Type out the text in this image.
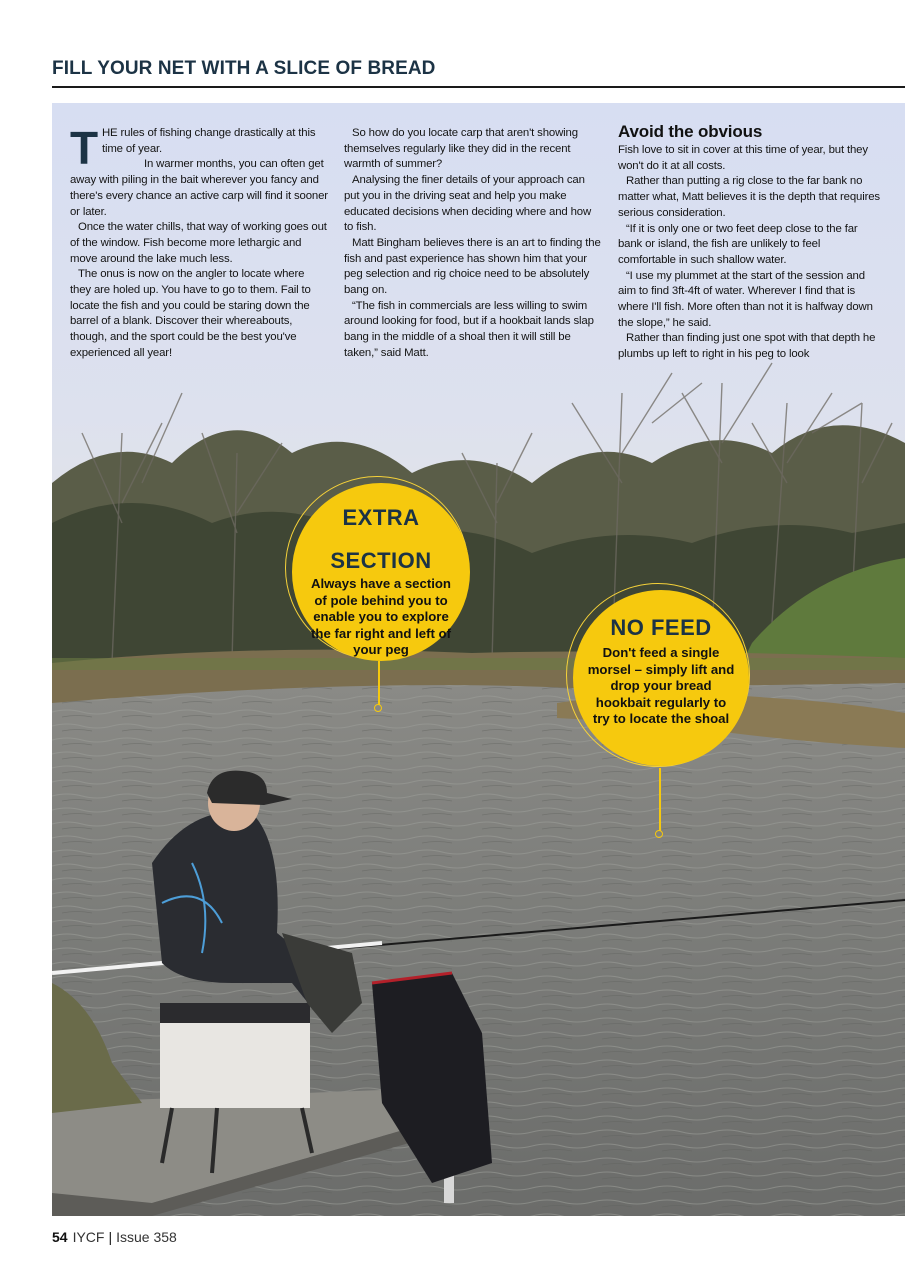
FILL YOUR NET WITH A SLICE OF BREAD

THE rules of fishing change drastically at this time of year.

In warmer months, you can often get away with piling in the bait wherever you fancy and there's every chance an active carp will find it sooner or later.

Once the water chills, that way of working goes out of the window. Fish become more lethargic and move around the lake much less.

The onus is now on the angler to locate where they are holed up. You have to go to them. Fail to locate the fish and you could be staring down the barrel of a blank. Discover their whereabouts, though, and the sport could be the best you've experienced all year!

So how do you locate carp that aren't showing themselves regularly like they did in the recent warmth of summer?

Analysing the finer details of your approach can put you in the driving seat and help you make educated decisions when deciding where and how to fish.

Matt Bingham believes there is an art to finding the fish and past experience has shown him that your peg selection and rig choice need to be absolutely bang on.

“The fish in commercials are less willing to swim around looking for food, but if a hookbait lands slap bang in the middle of a shoal then it will still be taken,” said Matt.

Avoid the obvious

Fish love to sit in cover at this time of year, but they won't do it at all costs.

Rather than putting a rig close to the far bank no matter what, Matt believes it is the depth that requires serious consideration.

“If it is only one or two feet deep close to the far bank or island, the fish are unlikely to feel comfortable in such shallow water.

“I use my plummet at the start of the session and aim to find 3ft-4ft of water. Wherever I find that is where I'll fish. More often than not it is halfway down the slope,” he said.

Rather than finding just one spot with that depth he plumbs up left to right in his peg to look

EXTRA
SECTION
Always have a section of pole behind you to enable you to explore the far right and left of your peg
NO FEED
Don't feed a single morsel – simply lift and drop your bread hookbait regularly to try to locate the shoal
54 IYCF | Issue 358
